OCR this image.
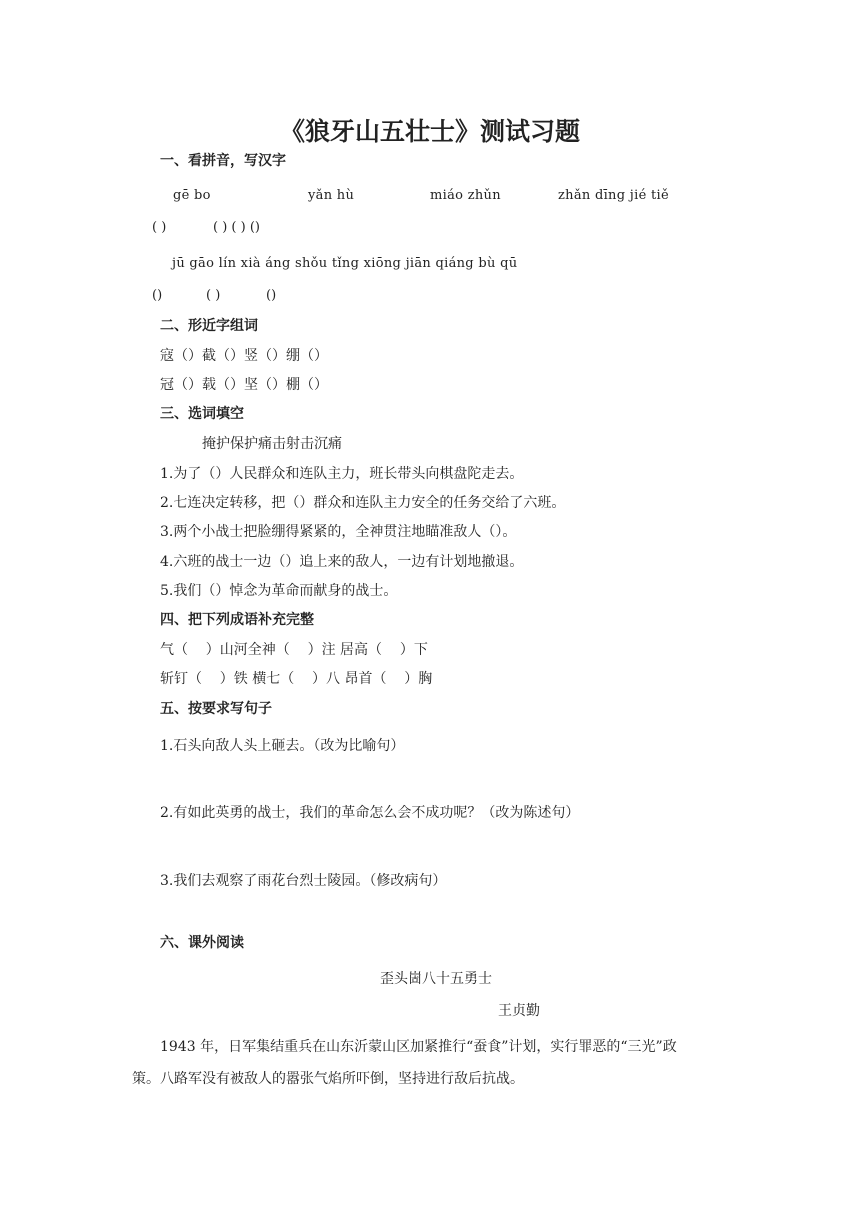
《狼牙山五壮士》测试习题
一、看拼音，写汉字
gē bo	yǎn hù	miáo zhǔn	zhǎn dīng jié tiě
( )	( ) ( ) ()
jū gāo lín xià áng shǒu tǐng xiōng jiān qiáng bù qū
()	( )	()
二、形近字组词
寇（）截（）竖（）绷（）
冠（）载（）坚（）棚（）
三、选词填空
掩护保护痛击射击沉痛
1.为了（）人民群众和连队主力，班长带头向棋盘陀走去。
2.七连决定转移，把（）群众和连队主力安全的任务交给了六班。
3.两个小战士把脸绷得紧紧的，全神贯注地瞄准敌人（）。
4.六班的战士一边（）追上来的敌人，一边有计划地撤退。
5.我们（）悼念为革命而献身的战士。
四、把下列成语补充完整
气（    ）山河全神（    ）注 居高（    ）下
斩钉（    ）铁 横七（    ）八 昂首（    ）胸
五、按要求写句子
1.石头向敌人头上砸去。（改为比喻句）
2.有如此英勇的战士，我们的革命怎么会不成功呢？（改为陈述句）
3.我们去观察了雨花台烈士陵园。（修改病句）
六、课外阅读
歪头崮八十五勇士
王贞勤
1943 年，日军集结重兵在山东沂蒙山区加紧推行“蚕食”计划，实行罪恶的“三光”政
策。八路军没有被敌人的嚣张气焰所吓倒，坚持进行敌后抗战。
